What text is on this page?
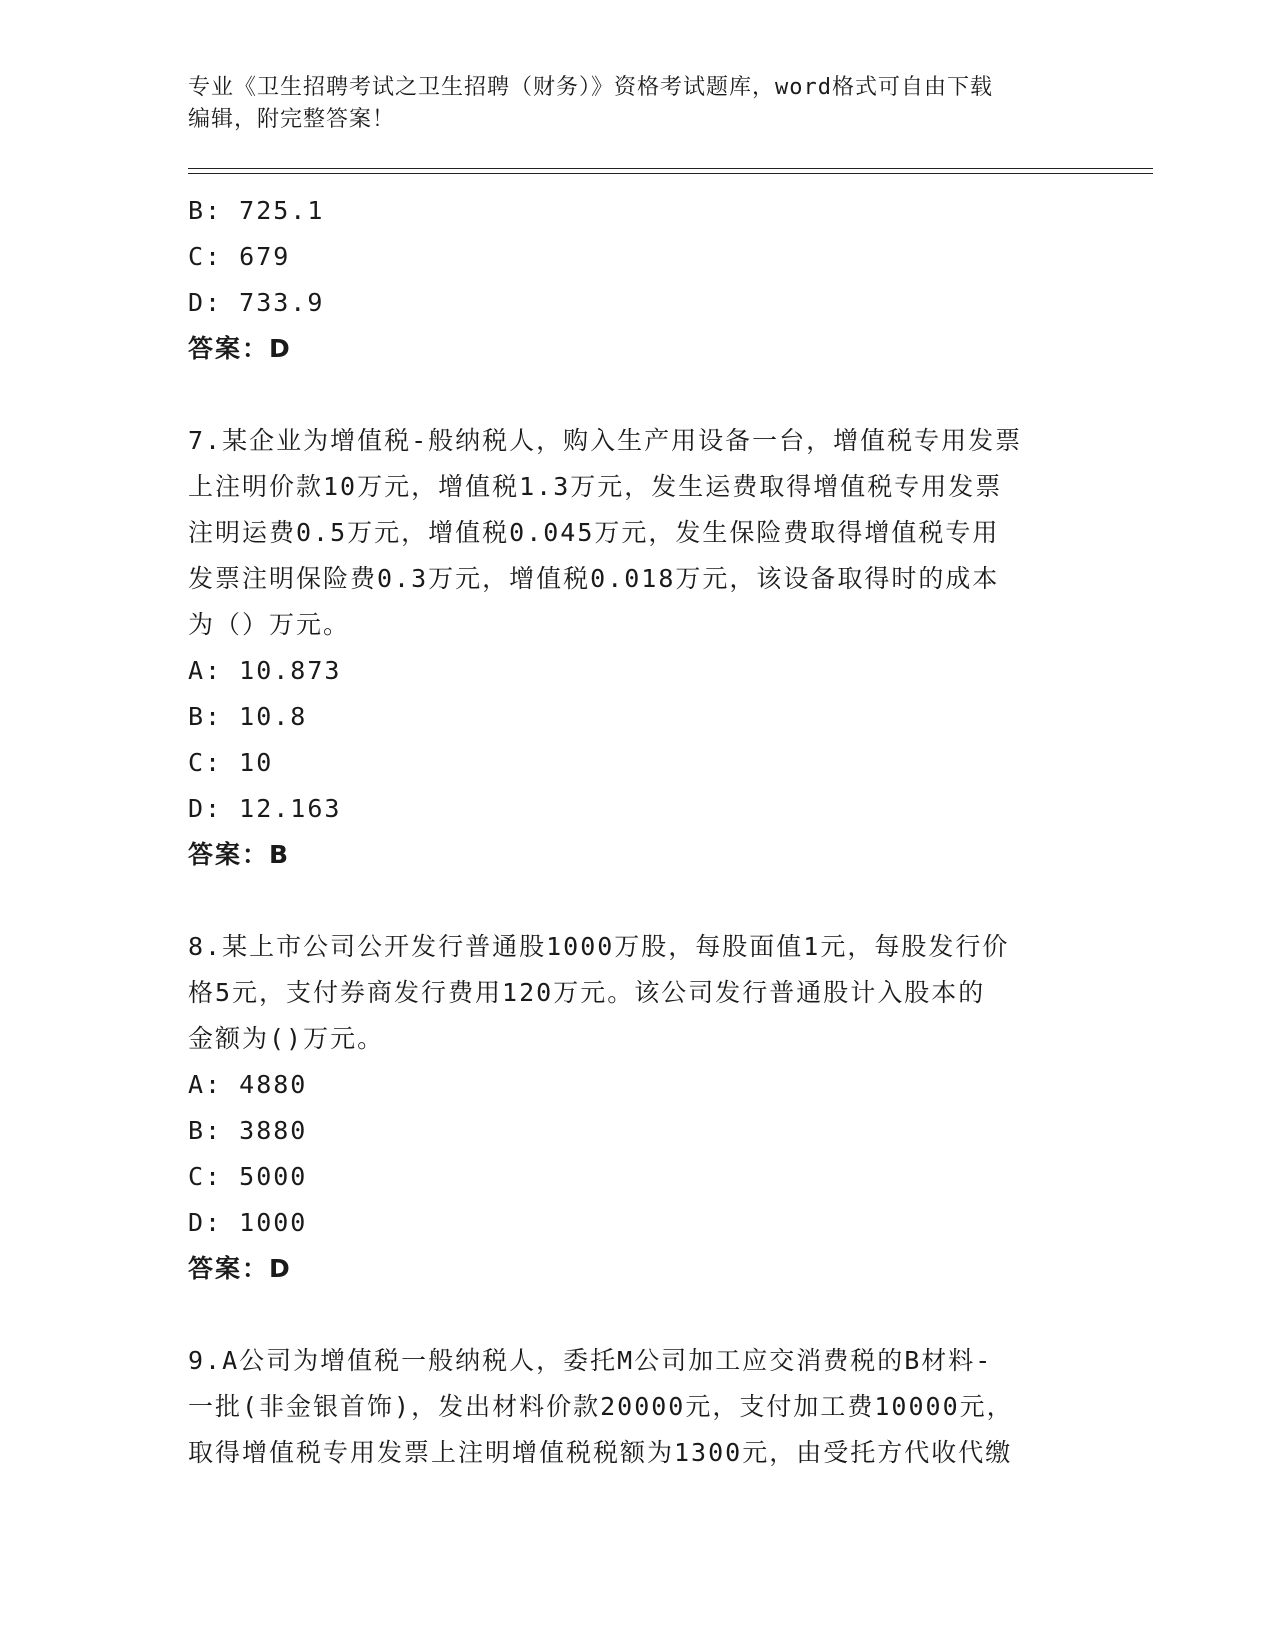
专业《卫生招聘考试之卫生招聘（财务）》资格考试题库，word格式可自由下载
编辑，附完整答案！
B: 725.1
C: 679
D: 733.9
答案：D
7.某企业为增值税-般纳税人，购入生产用设备一台，增值税专用发票
上注明价款10万元，增值税1.3万元，发生运费取得增值税专用发票
注明运费0.5万元，增值税0.045万元，发生保险费取得增值税专用
发票注明保险费0.3万元，增值税0.018万元，该设备取得时的成本
为（）万元。
A: 10.873
B: 10.8
C: 10
D: 12.163
答案：B
8.某上市公司公开发行普通股1000万股，每股面值1元，每股发行价
格5元，支付券商发行费用120万元。该公司发行普通股计入股本的
金额为()万元。
A: 4880
B: 3880
C: 5000
D: 1000
答案：D
9.A公司为增值税一般纳税人，委托M公司加工应交消费税的B材料-
一批(非金银首饰)，发出材料价款20000元，支付加工费10000元，
取得增值税专用发票上注明增值税税额为1300元，由受托方代收代缴
